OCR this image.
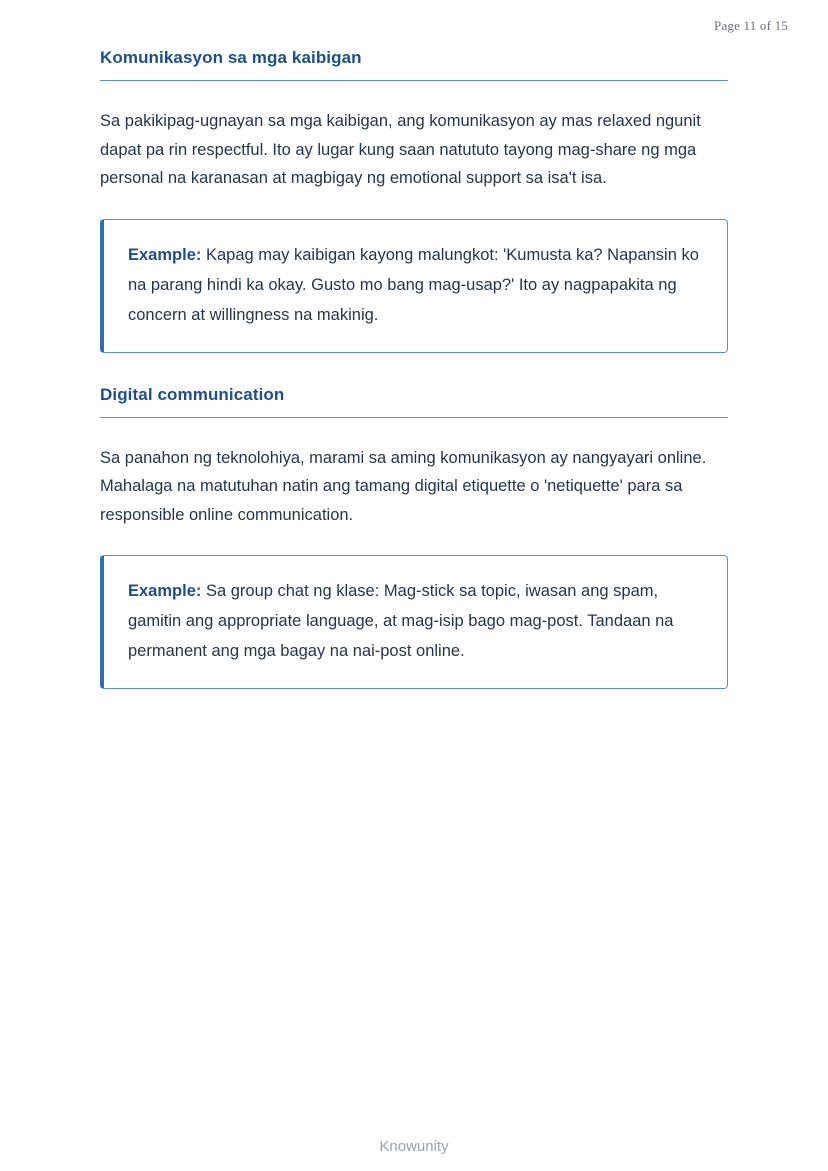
Page 11 of 15
Komunikasyon sa mga kaibigan

Sa pakikipag-ugnayan sa mga kaibigan, ang komunikasyon ay mas relaxed ngunit dapat pa rin respectful. Ito ay lugar kung saan natututo tayong mag-share ng mga personal na karanasan at magbigay ng emotional support sa isa't isa.

Example: Kapag may kaibigan kayong malungkot: 'Kumusta ka? Napansin ko na parang hindi ka okay. Gusto mo bang mag-usap?' Ito ay nagpapakita ng concern at willingness na makinig.

Digital communication

Sa panahon ng teknolohiya, marami sa aming komunikasyon ay nangyayari online. Mahalaga na matutuhan natin ang tamang digital etiquette o 'netiquette' para sa responsible online communication.

Example: Sa group chat ng klase: Mag-stick sa topic, iwasan ang spam, gamitin ang appropriate language, at mag-isip bago mag-post. Tandaan na permanent ang mga bagay na nai-post online.

Knowunity
